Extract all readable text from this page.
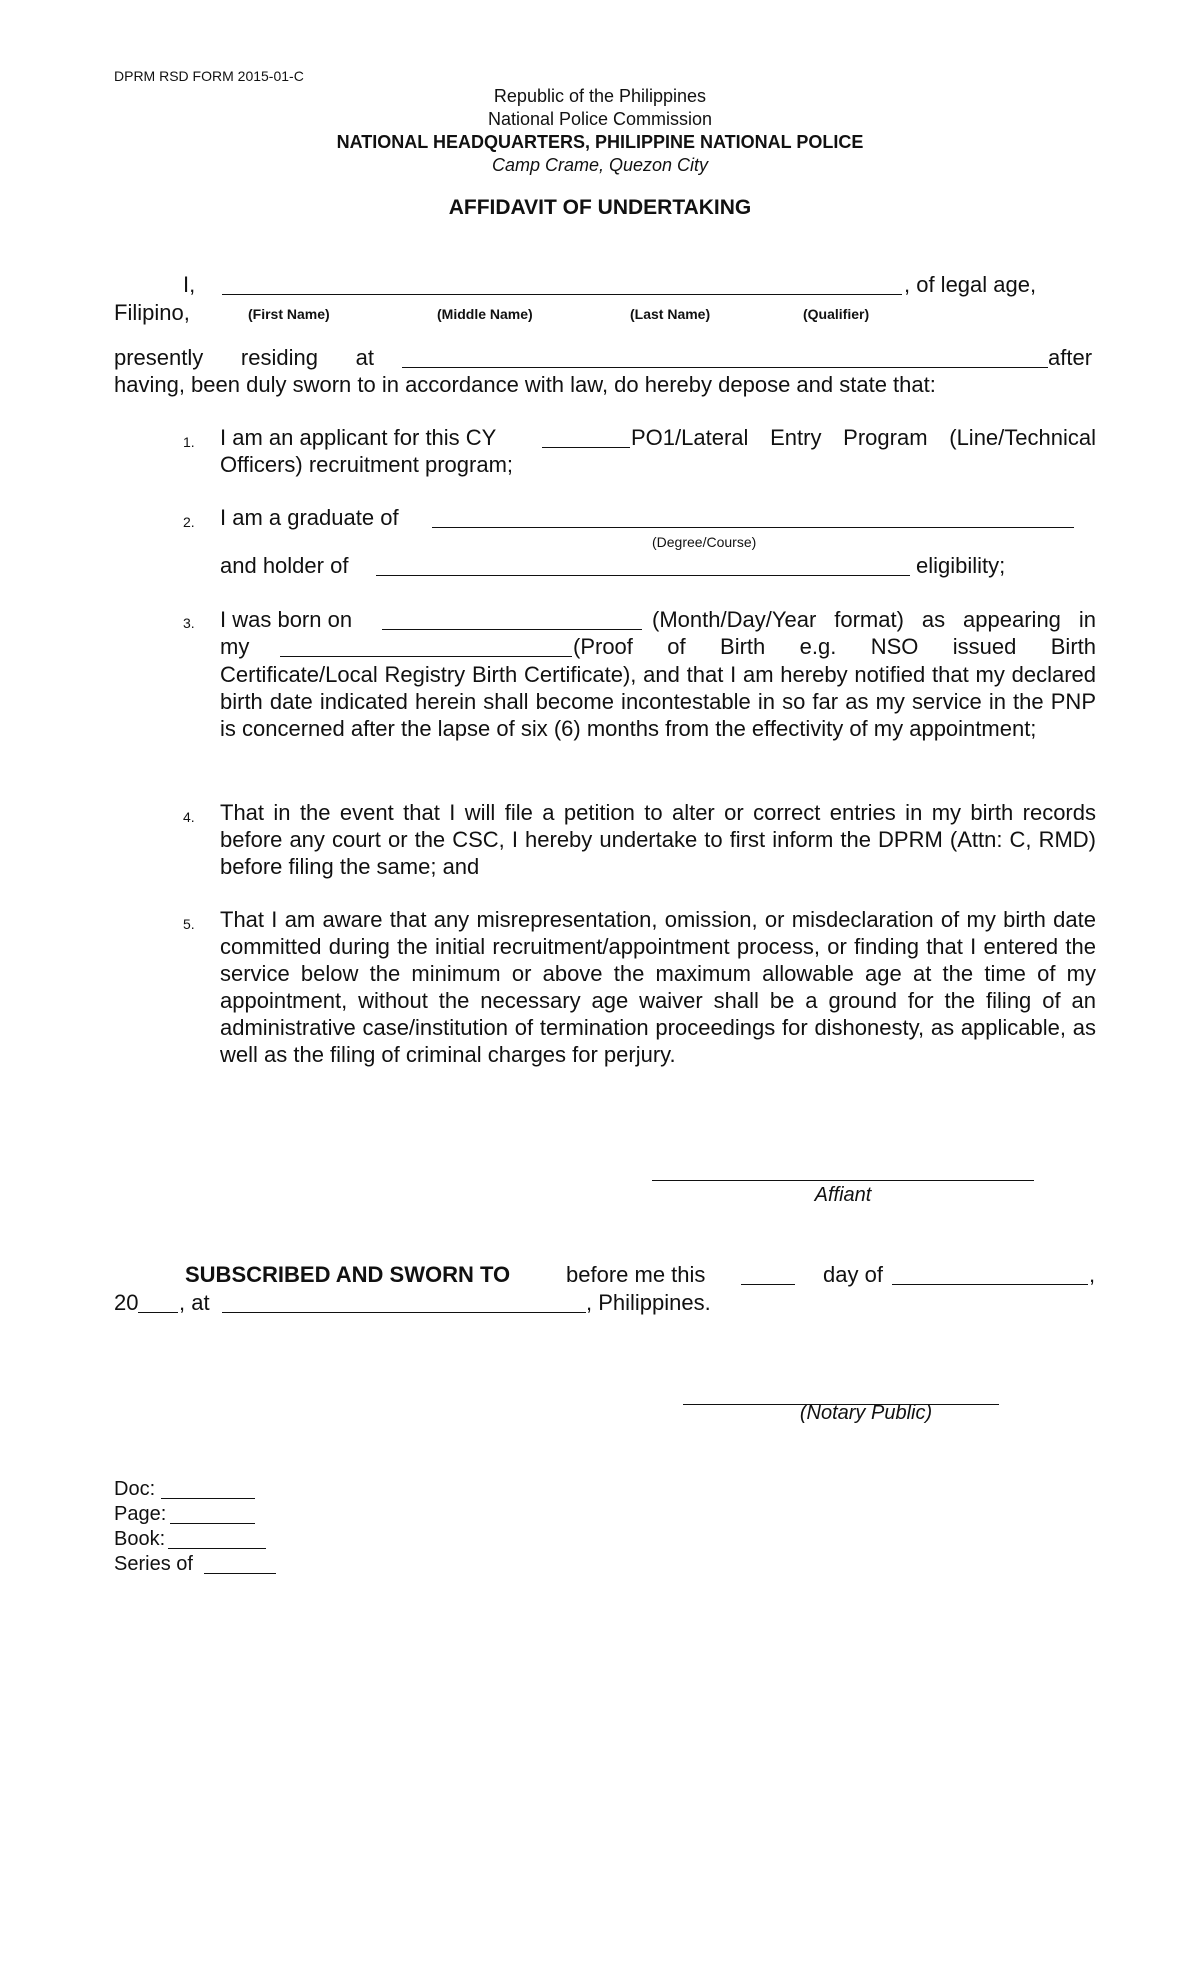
DPRM RSD FORM 2015-01-C
Republic of the Philippines
National Police Commission
NATIONAL HEADQUARTERS, PHILIPPINE NATIONAL POLICE
Camp Crame, Quezon City
AFFIDAVIT OF UNDERTAKING
I,	, of legal age,
Filipino,	(First Name)	(Middle Name)	(Last Name)	(Qualifier)
presently residing at	after
having, been duly sworn to in accordance with law, do hereby depose and state that:
1. I am an applicant for this CY	PO1/Lateral Entry Program (Line/Technical
Officers) recruitment program;
2. I am a graduate of
(Degree/Course)
and holder of	eligibility;
3. I was born on	(Month/Day/Year format) as appearing in
my	(Proof of Birth e.g. NSO issued Birth
Certificate/Local Registry Birth Certificate), and that I am hereby notified that my declared birth date indicated herein shall become incontestable in so far as my service in the PNP is concerned after the lapse of six (6) months from the effectivity of my appointment;
4. That in the event that I will file a petition to alter or correct entries in my birth records before any court or the CSC, I hereby undertake to first inform the DPRM (Attn: C, RMD) before filing the same; and
5. That I am aware that any misrepresentation, omission, or misdeclaration of my birth date committed during the initial recruitment/appointment process, or finding that I entered the service below the minimum or above the maximum allowable age at the time of my appointment, without the necessary age waiver shall be a ground for the filing of an administrative case/institution of termination proceedings for dishonesty, as applicable, as well as the filing of criminal charges for perjury.
Affiant
SUBSCRIBED AND SWORN TO	before me this	day of	,
20 , at	, Philippines.
(Notary Public)
Doc:
Page:
Book:
Series of
